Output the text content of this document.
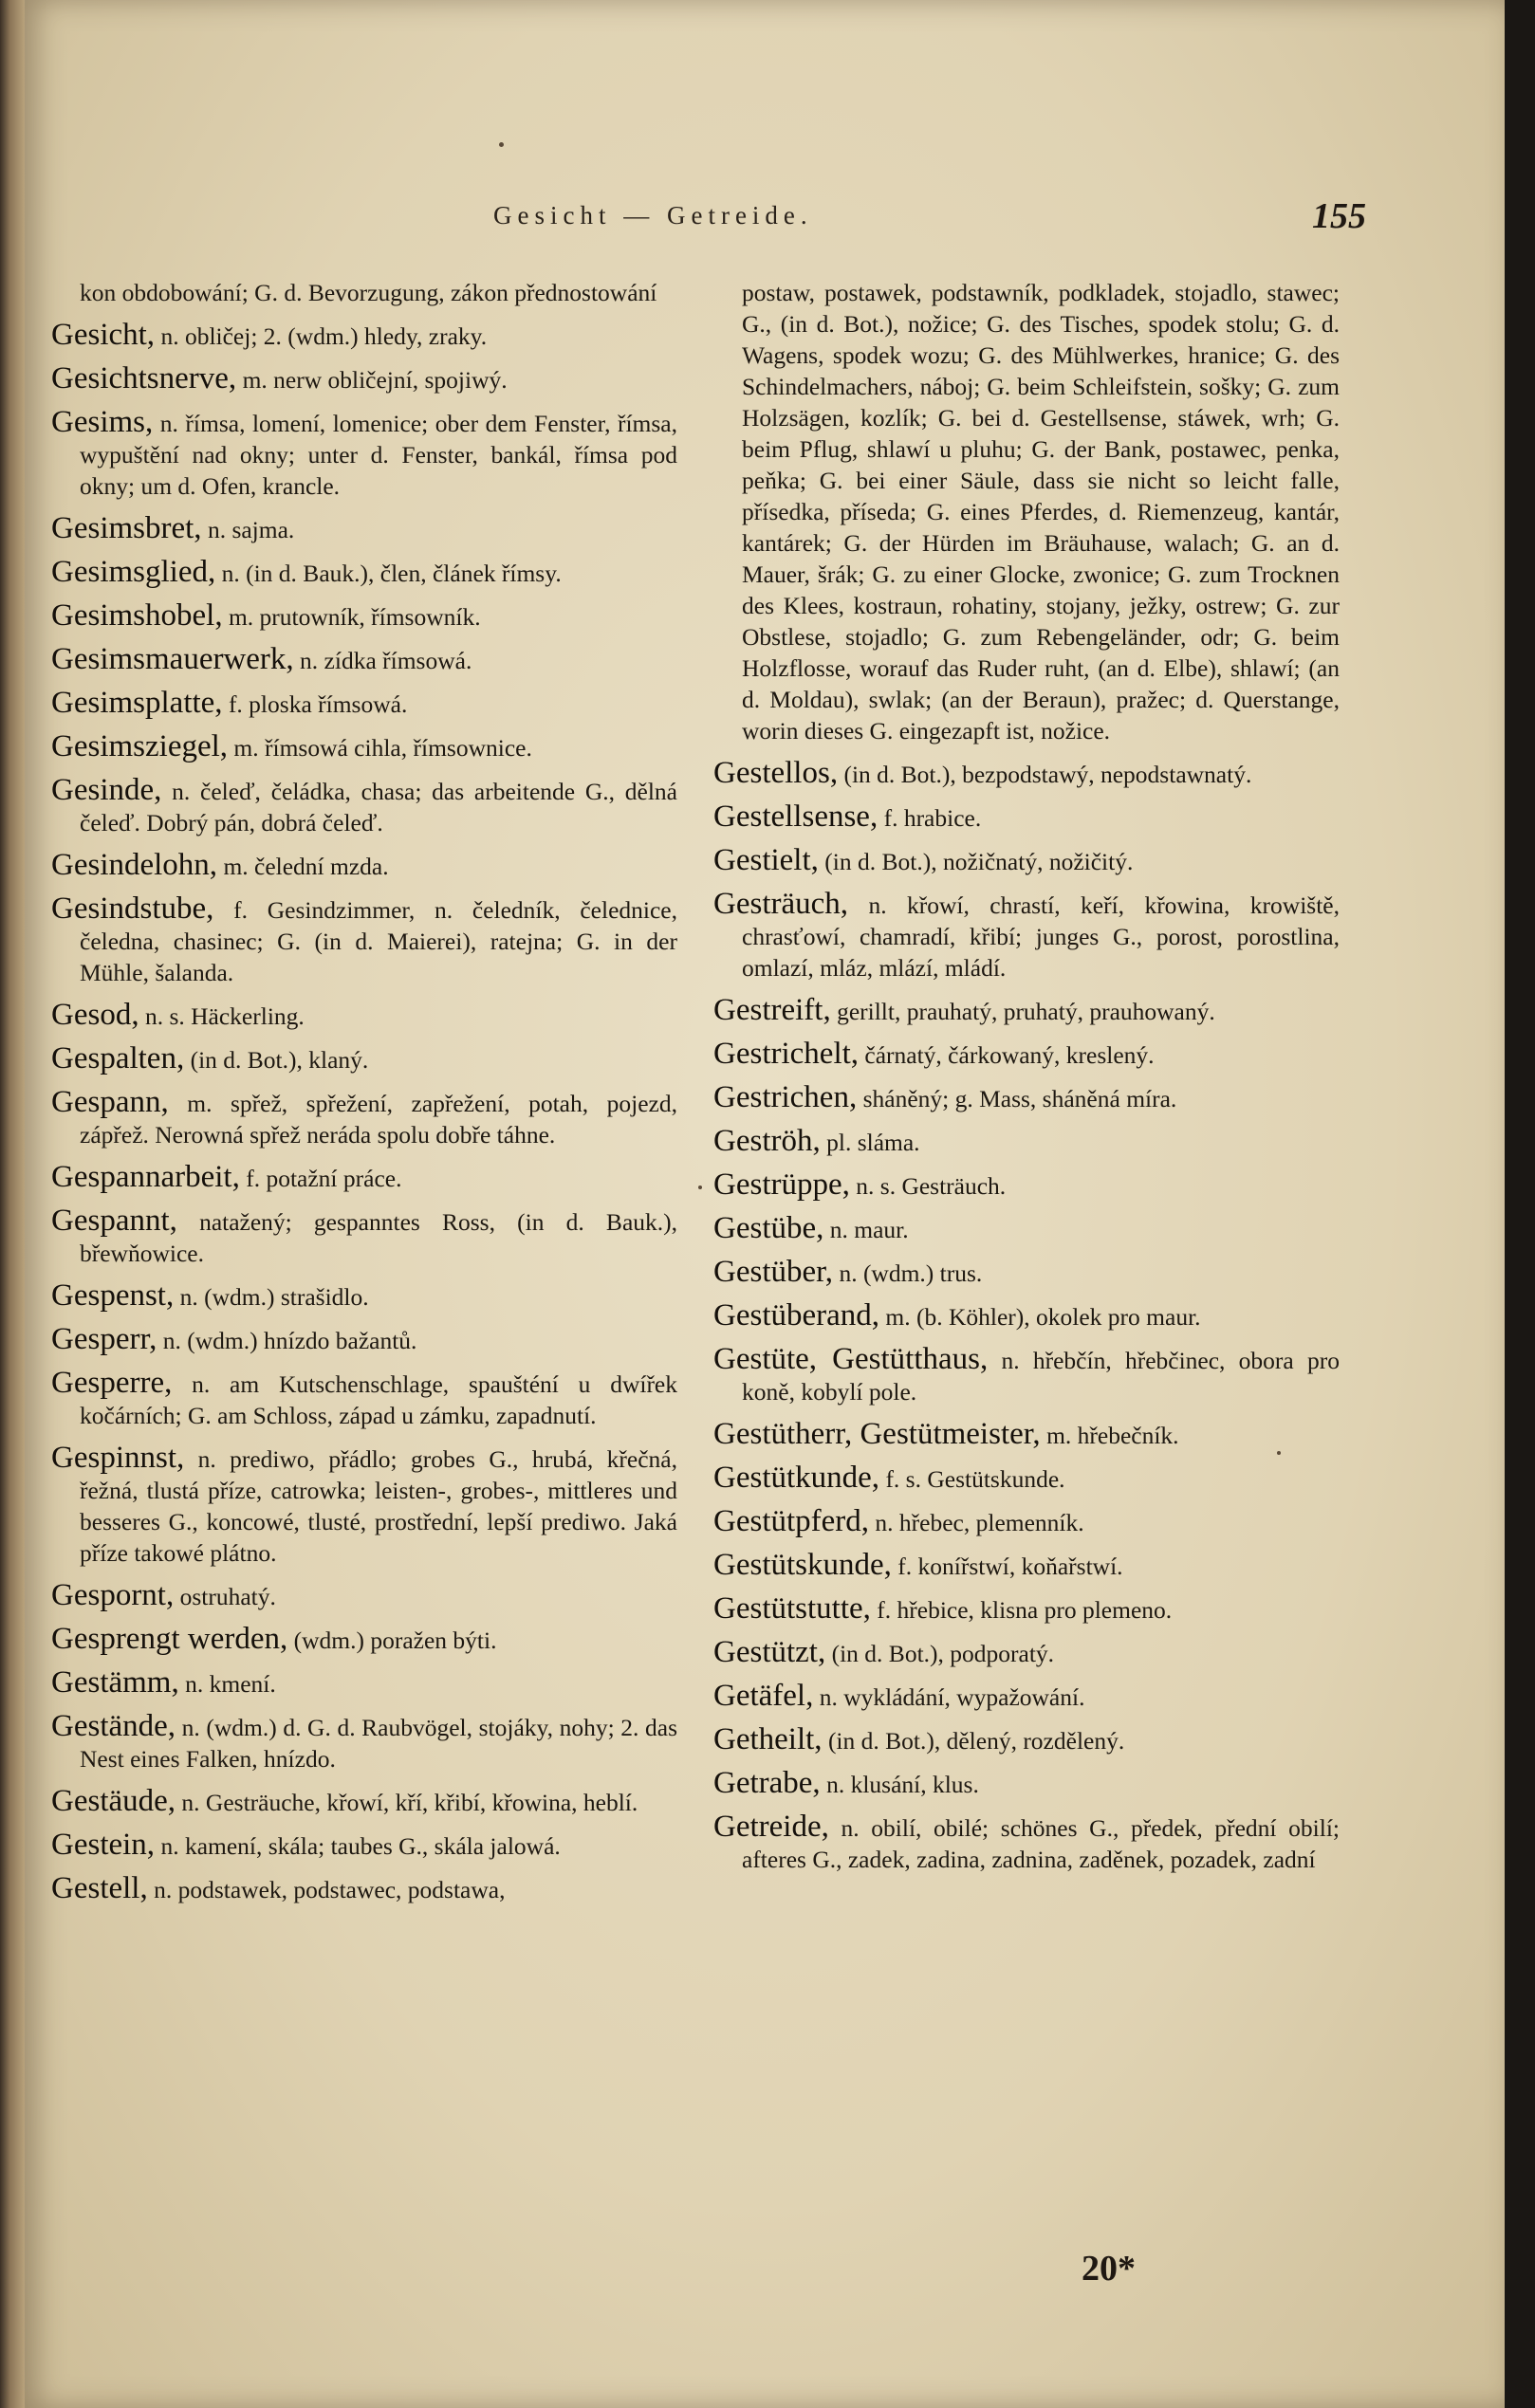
Gesicht — Getreide.	155

kon obdobowání; G. d. Bevorzugung, zákon přednostowání

Gesicht, n. obličej; 2. (wdm.) hledy, zraky.

Gesichtsnerve, m. nerw obličejní, spojiwý.

Gesims, n. římsa, lomení, lomenice; ober dem Fenster, římsa, wypuštění nad okny; unter d. Fenster, bankál, římsa pod okny; um d. Ofen, krancle.

Gesimsbret, n. sajma.

Gesimsglied, n. (in d. Bauk.), člen, článek římsy.

Gesimshobel, m. prutowník, římsowník.

Gesimsmauerwerk, n. zídka římsowá.

Gesimsplatte, f. ploska římsowá.

Gesimsziegel, m. římsowá cihla, římsownice.

Gesinde, n. čeleď, čeládka, chasa; das arbeitende G., dělná čeleď. Dobrý pán, dobrá čeleď.

Gesindelohn, m. čelední mzda.

Gesindstube, f. Gesindzimmer, n. čeledník, čelednice, čeledna, chasinec; G. (in d. Maierei), ratejna; G. in der Mühle, šalanda.

Gesod, n. s. Häckerling.

Gespalten, (in d. Bot.), klaný.

Gespann, m. spřež, spřežení, zapřežení, potah, pojezd, zápřež. Nerowná spřež nerádа spolu dobře táhne.

Gespannarbeit, f. potažní práce.

Gespannt, natažený; gespanntes Ross, (in d. Bauk.), břewňowice.

Gespenst, n. (wdm.) strašidlo.

Gesperr, n. (wdm.) hnízdo bažantů.

Gesperre, n. am Kutschenschlage, spaušténí u dwířek kočárních; G. am Schloss, západ u zámku, zapadnutí.

Gespinnst, n. prediwo, přádlo; grobes G., hrubá, křečná, řežná, tlustá příze, catrowka; leisten-, grobes-, mittleres und besseres G., koncowé, tlusté, prostřední, lepší prediwo. Jaká příze takowé plátno.

Gespornt, ostruhatý.

Gesprengt werden, (wdm.) poražen býti.

Gestämm, n. kmení.

Gestände, n. (wdm.) d. G. d. Raubvögel, stojáky, nohy; 2. das Nest eines Falken, hnízdo.

Gestäude, n. Gesträuche, křowí, kří, křibí, křowina, heblí.

Gestein, n. kamení, skála; taubes G., skála jalowá.

Gestell, n. podstawek, podstawec, podstawa,

postaw, postawek, podstawník, podkladek, stojadlo, stawec; G., (in d. Bot.), nožice; G. des Tisches, spodek stolu; G. d. Wagens, spodek wozu; G. des Mühlwerkes, hranice; G. des Schindelmachers, náboj; G. beim Schleifstein, sošky; G. zum Holzsägen, kozlík; G. bei d. Gestellsense, stáwek, wrh; G. beim Pflug, shlawí u pluhu; G. der Bank, postawec, penka, peňka; G. bei einer Säule, dass sie nicht so leicht falle, přísedka, příseda; G. eines Pferdes, d. Riemenzeug, kantár, kantárek; G. der Hürden im Bräuhause, walach; G. an d. Mauer, šrák; G. zu einer Glocke, zwonice; G. zum Trocknen des Klees, kostraun, rohatiny, stojany, ježky, ostrew; G. zur Obstlese, stojadlo; G. zum Rebengeländer, odr; G. beim Holzflosse, worauf das Ruder ruht, (an d. Elbe), shlawí; (an d. Moldau), swlak; (an der Beraun), pražec; d. Querstange, worin dieses G. eingezapft ist, nožice.

Gestellos, (in d. Bot.), bezpodstawý, nepodstawnatý.

Gestellsense, f. hrabice.

Gestielt, (in d. Bot.), nožičnatý, nožičitý.

Gesträuch, n. křowí, chrastí, keří, křowina, krowiště, chrasťowí, chamradí, křibí; junges G., porost, porostlina, omlazí, mláz, mlází, mládí.

Gestreift, gerillt, prauhatý, pruhatý, prauhowaný.

Gestrichelt, čárnatý, čárkowaný, kreslený.

Gestrichen, sháněný; g. Mass, sháněná míra.

Geströh, pl. sláma.

Gestrüppe, n. s. Gesträuch.

Gestübe, n. maur.

Gestüber, n. (wdm.) trus.

Gestüberand, m. (b. Köhler), okolek pro maur.

Gestüte, Gestütthaus, n. hřebčín, hřebčinec, obora pro koně, kobylí pole.

Gestütherr, Gestütmeister, m. hřebečník.

Gestütkunde, f. s. Gestütskunde.

Gestütpferd, n. hřebec, plemenník.

Gestütskunde, f. konířstwí, koňařstwí.

Gestütstutte, f. hřebice, klisna pro plemeno.

Gestützt, (in d. Bot.), podporatý.

Getäfel, n. wykládání, wypažowání.

Getheilt, (in d. Bot.), dělený, rozdělený.

Getrabe, n. klusání, klus.

Getreide, n. obilí, obilé; schönes G., předek, přední obilí; afteres G., zadek, zadina, zadnina, zaděnek, pozadek, zadní

20*
